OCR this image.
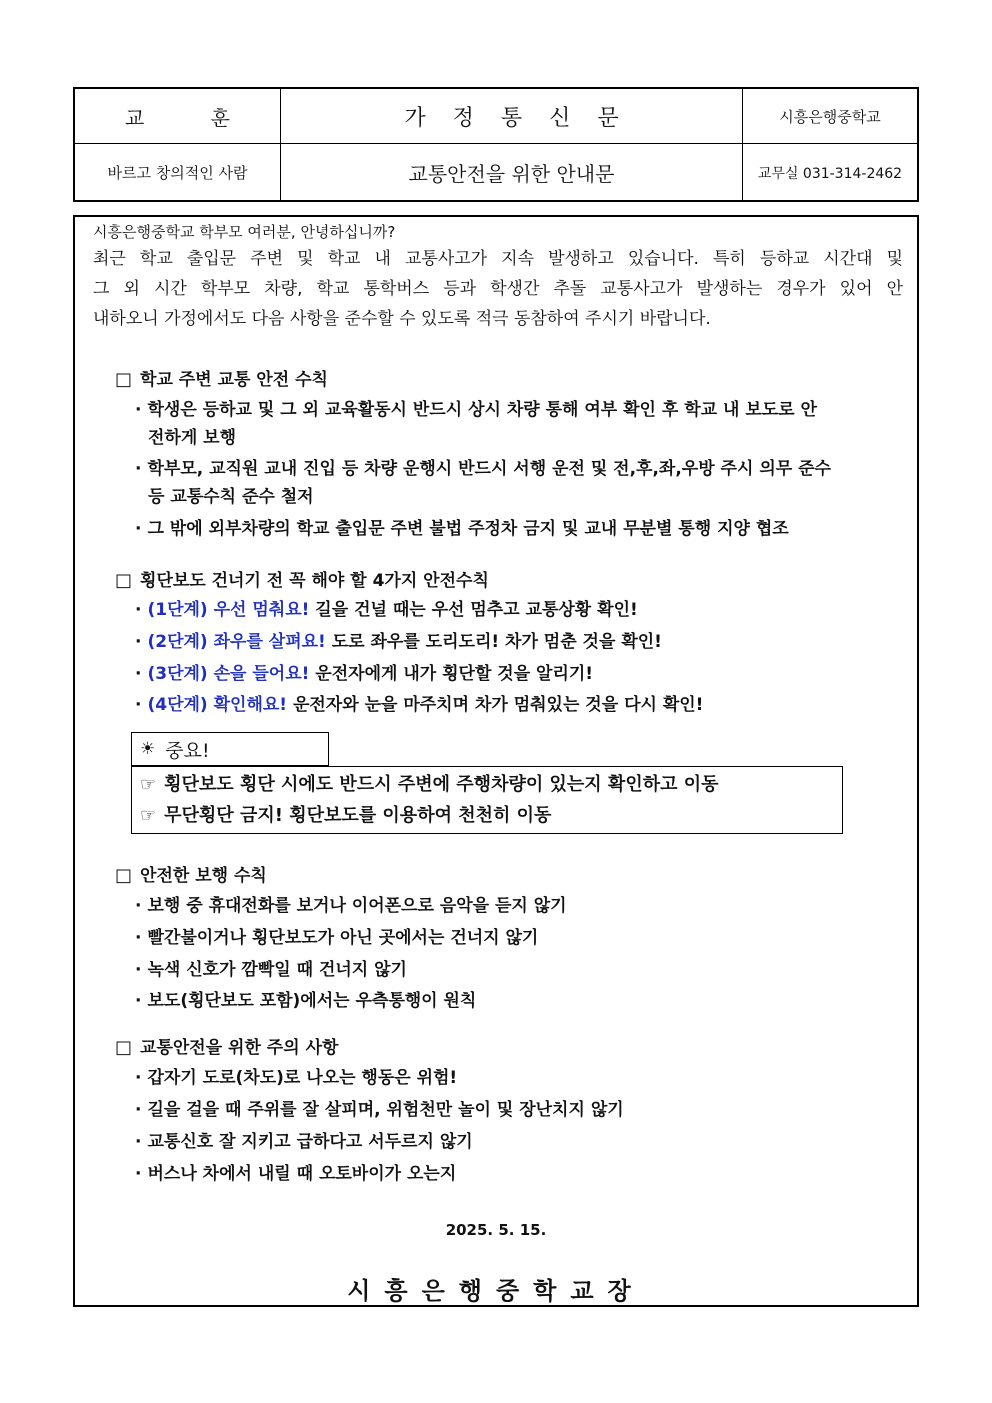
교 훈	가 정 통 신 문	시흥은행중학교
바르고 창의적인 사람	교통안전을 위한 안내문	교무실 031-314-2462
시흥은행중학교 학부모 여러분, 안녕하십니까?
최근 학교 출입문 주변 및 학교 내 교통사고가 지속 발생하고 있습니다. 특히 등하교 시간대 및
그 외 시간 학부모 차량, 학교 통학버스 등과 학생간 추돌 교통사고가 발생하는 경우가 있어 안
내하오니 가정에서도 다음 사항을 준수할 수 있도록 적극 동참하여 주시기 바랍니다.
□ 학교 주변 교통 안전 수칙
· 학생은 등하교 및 그 외 교육활동시 반드시 상시 차량 통해 여부 확인 후 학교 내 보도로 안
전하게 보행
· 학부모, 교직원 교내 진입 등 차량 운행시 반드시 서행 운전 및 전,후,좌,우방 주시 의무 준수
등 교통수칙 준수 철저
· 그 밖에 외부차량의 학교 출입문 주변 불법 주정차 금지 및 교내 무분별 통행 지양 협조
□ 횡단보도 건너기 전 꼭 해야 할 4가지 안전수칙
· (1단계) 우선 멈춰요! 길을 건널 때는 우선 멈추고 교통상황 확인!
· (2단계) 좌우를 살펴요! 도로 좌우를 도리도리! 차가 멈춘 것을 확인!
· (3단계) 손을 들어요! 운전자에게 내가 횡단할 것을 알리기!
· (4단계) 확인해요! 운전자와 눈을 마주치며 차가 멈춰있는 것을 다시 확인!
☀ 중요!
☞ 횡단보도 횡단 시에도 반드시 주변에 주행차량이 있는지 확인하고 이동
☞ 무단횡단 금지! 횡단보도를 이용하여 천천히 이동
□ 안전한 보행 수칙
· 보행 중 휴대전화를 보거나 이어폰으로 음악을 듣지 않기
· 빨간불이거나 횡단보도가 아닌 곳에서는 건너지 않기
· 녹색 신호가 깜빡일 때 건너지 않기
· 보도(횡단보도 포함)에서는 우측통행이 원칙
□ 교통안전을 위한 주의 사항
· 갑자기 도로(차도)로 나오는 행동은 위험!
· 길을 걸을 때 주위를 잘 살피며, 위험천만 놀이 및 장난치지 않기
· 교통신호 잘 지키고 급하다고 서두르지 않기
· 버스나 차에서 내릴 때 오토바이가 오는지
2025. 5. 15.
시흥은행중학교장
